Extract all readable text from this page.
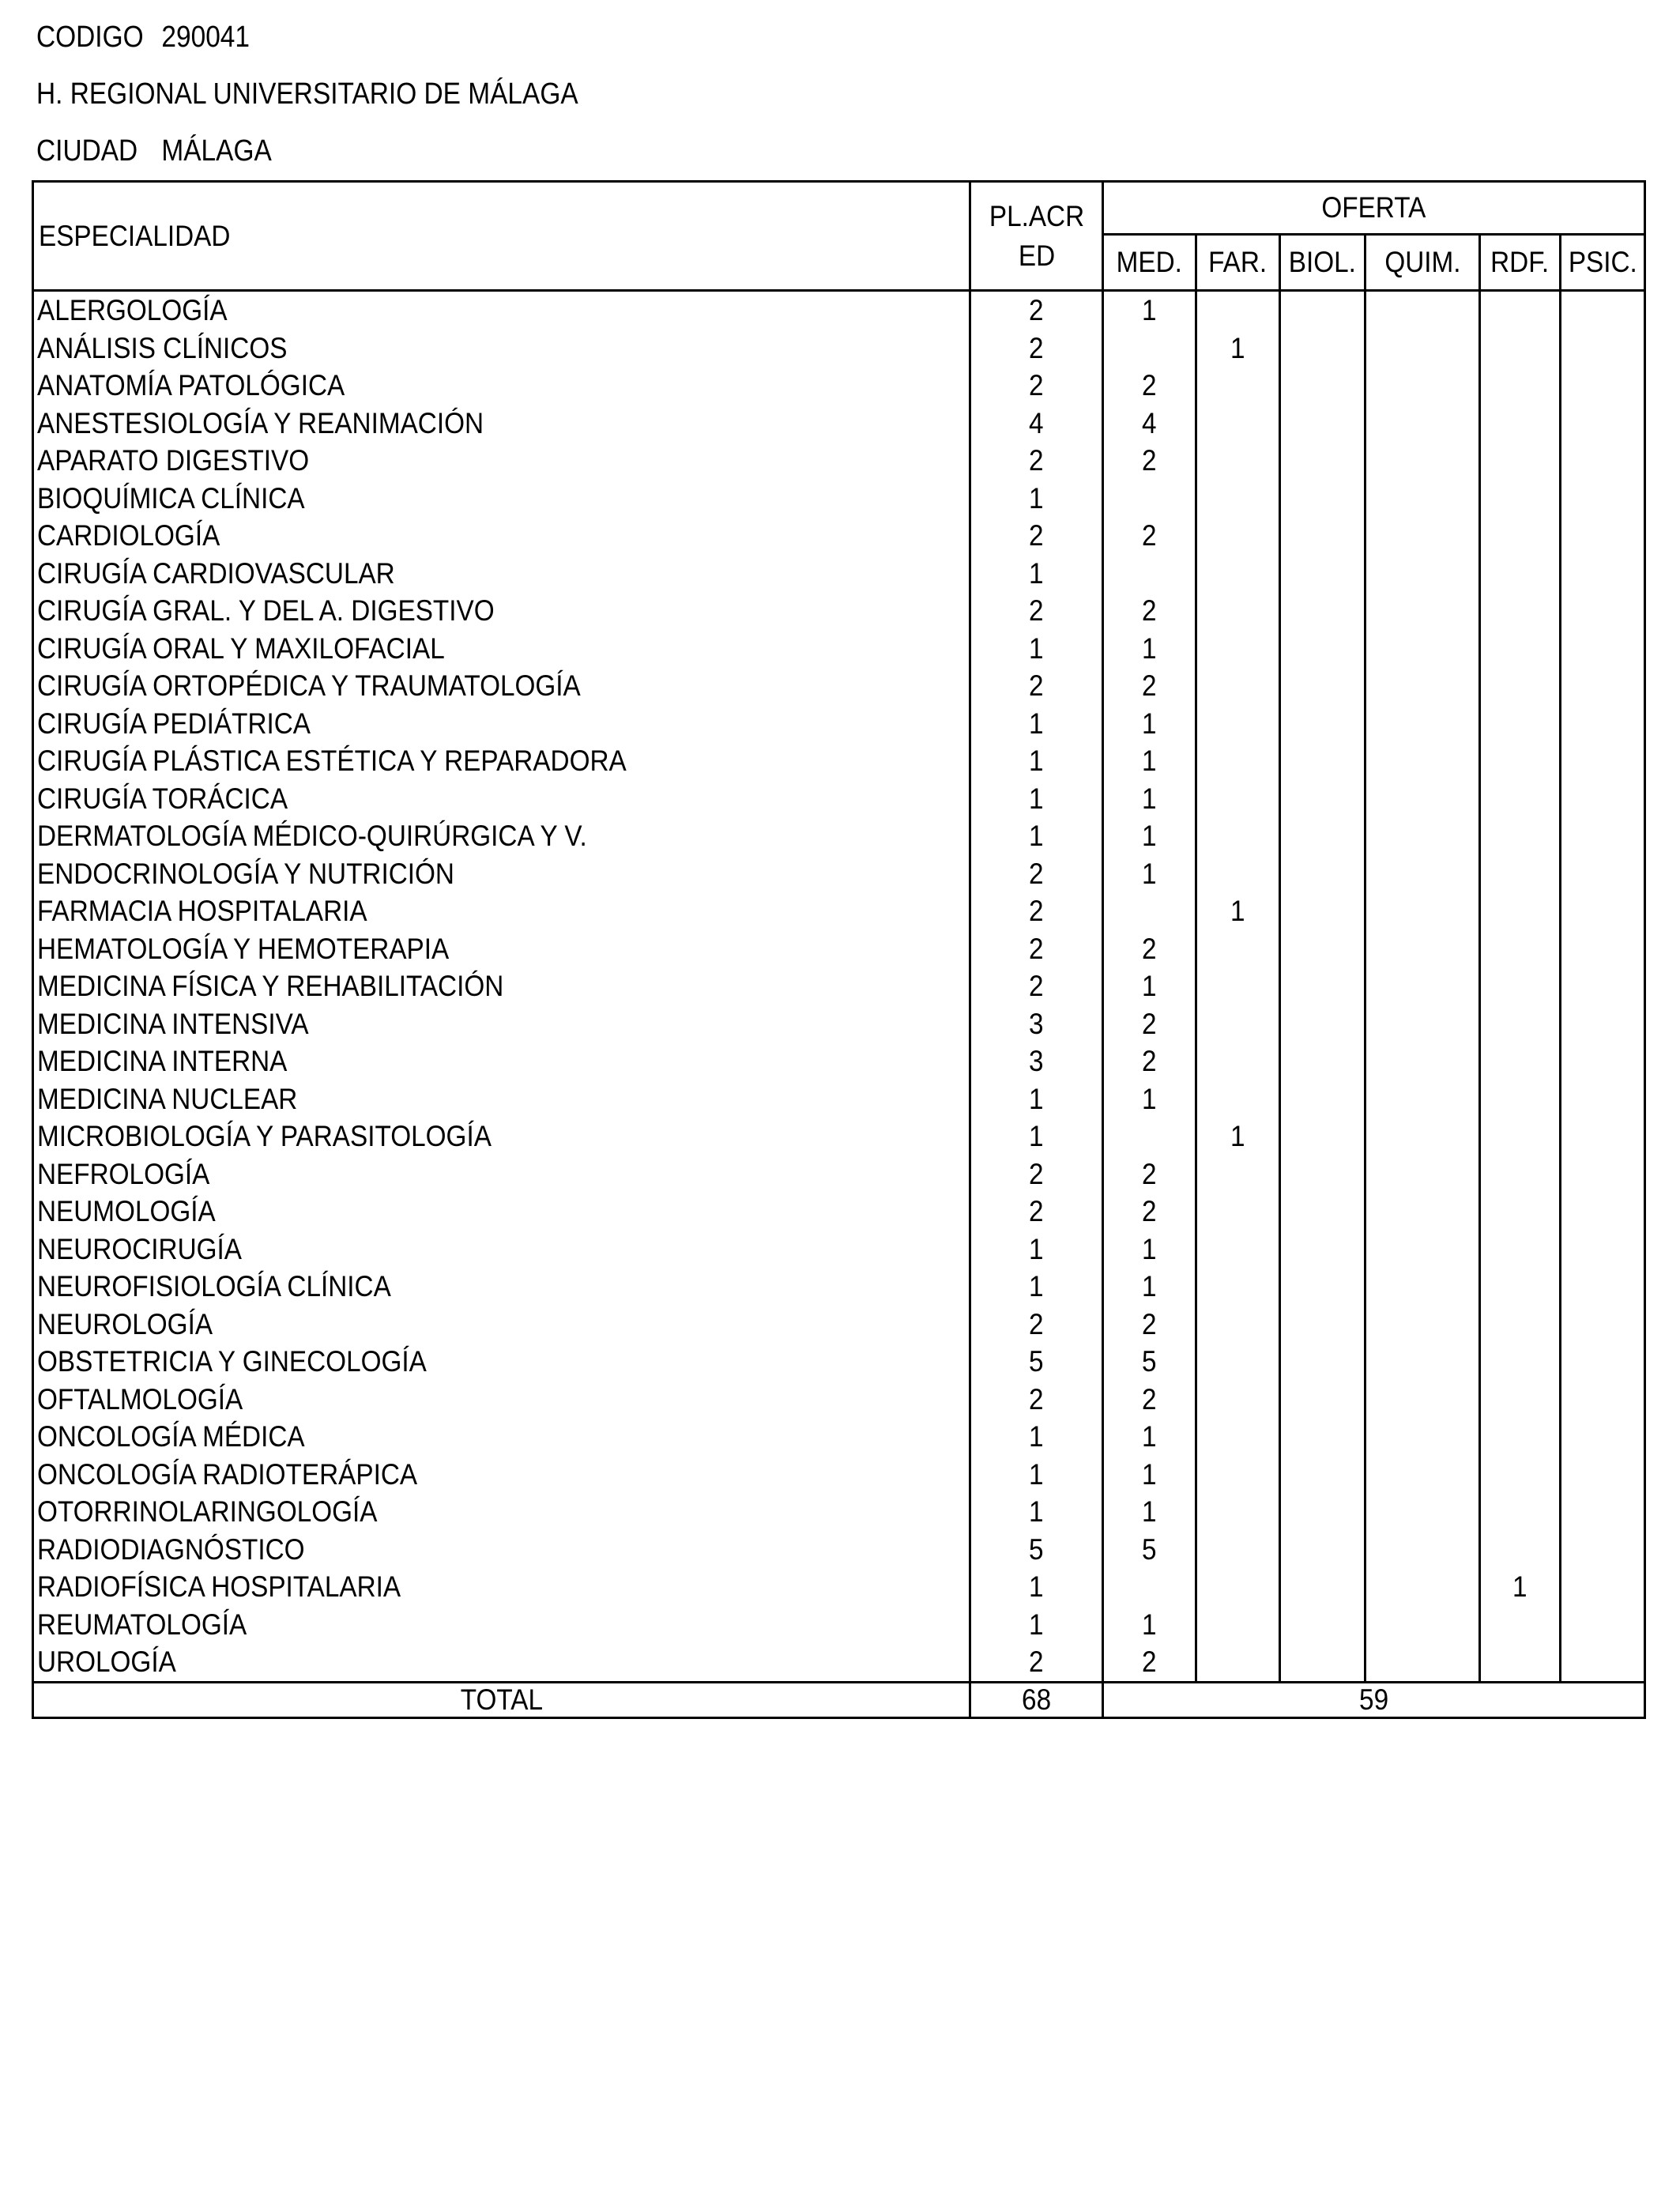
CODIGO 290041
H. REGIONAL UNIVERSITARIO DE MÁLAGA
CIUDAD MÁLAGA
ESPECIALIDAD	PL.ACRED	OFERTA					
		MED.	FAR.	BIOL.	QUIM.	RDF.	PSIC.
ALERGOLOGÍA	2	1					
ANÁLISIS CLÍNICOS	2		1				
ANATOMÍA PATOLÓGICA	2	2					
ANESTESIOLOGÍA Y REANIMACIÓN	4	4					
APARATO DIGESTIVO	2	2					
BIOQUÍMICA CLÍNICA	1						
CARDIOLOGÍA	2	2					
CIRUGÍA CARDIOVASCULAR	1						
CIRUGÍA GRAL. Y DEL A. DIGESTIVO	2	2					
CIRUGÍA ORAL Y MAXILOFACIAL	1	1					
CIRUGÍA ORTOPÉDICA Y TRAUMATOLOGÍA	2	2					
CIRUGÍA PEDIÁTRICA	1	1					
CIRUGÍA PLÁSTICA ESTÉTICA Y REPARADORA	1	1					
CIRUGÍA TORÁCICA	1	1					
DERMATOLOGÍA MÉDICO-QUIRÚRGICA Y V.	1	1					
ENDOCRINOLOGÍA Y NUTRICIÓN	2	1					
FARMACIA HOSPITALARIA	2		1				
HEMATOLOGÍA Y HEMOTERAPIA	2	2					
MEDICINA FÍSICA Y REHABILITACIÓN	2	1					
MEDICINA INTENSIVA	3	2					
MEDICINA INTERNA	3	2					
MEDICINA NUCLEAR	1	1					
MICROBIOLOGÍA Y PARASITOLOGÍA	1		1				
NEFROLOGÍA	2	2					
NEUMOLOGÍA	2	2					
NEUROCIRUGÍA	1	1					
NEUROFISIOLOGÍA CLÍNICA	1	1					
NEUROLOGÍA	2	2					
OBSTETRICIA Y GINECOLOGÍA	5	5					
OFTALMOLOGÍA	2	2					
ONCOLOGÍA MÉDICA	1	1					
ONCOLOGÍA RADIOTERÁPICA	1	1					
OTORRINOLARINGOLOGÍA	1	1					
RADIODIAGNÓSTICO	5	5					
RADIOFÍSICA HOSPITALARIA	1					1	
REUMATOLOGÍA	1	1					
UROLOGÍA	2	2					
TOTAL	68	59					
